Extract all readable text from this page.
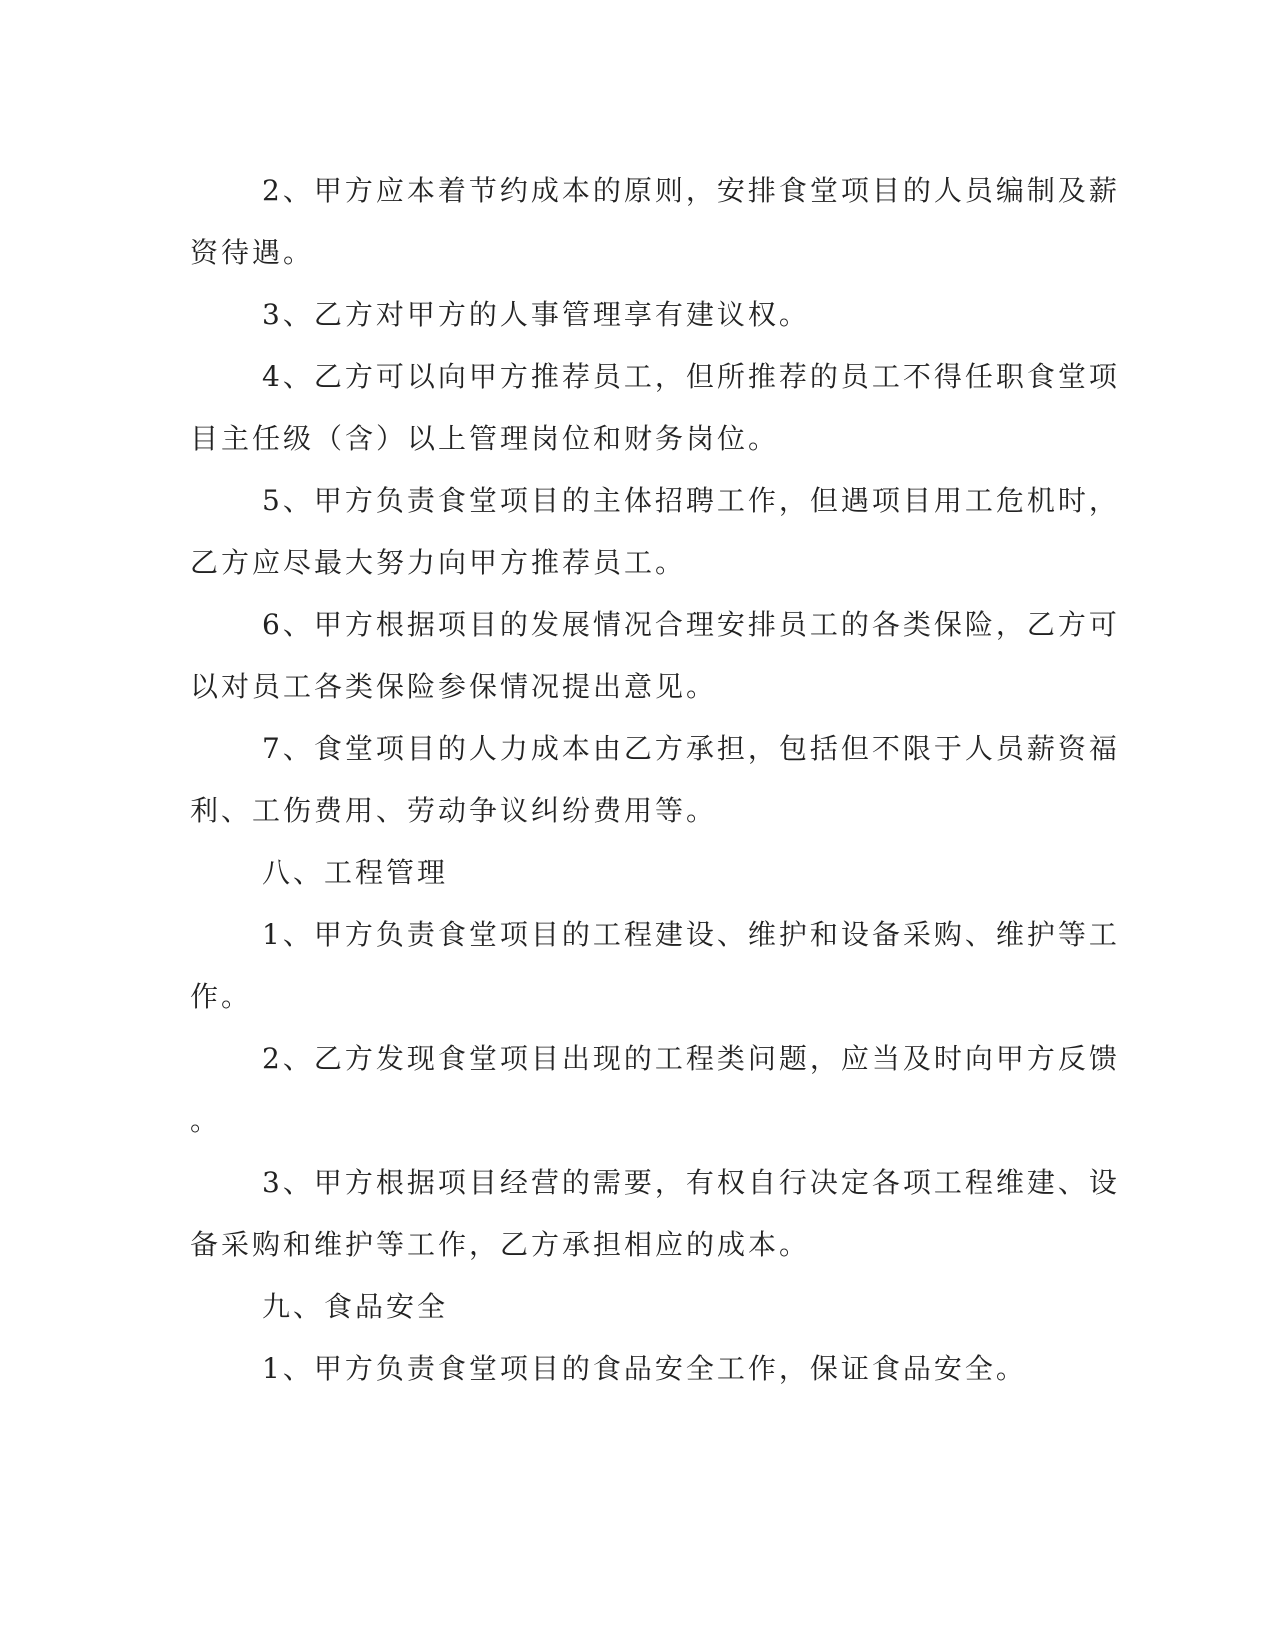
2、甲方应本着节约成本的原则，安排食堂项目的人员编制及薪
资待遇。
3、乙方对甲方的人事管理享有建议权。
4、乙方可以向甲方推荐员工，但所推荐的员工不得任职食堂项
目主任级（含）以上管理岗位和财务岗位。
5、甲方负责食堂项目的主体招聘工作，但遇项目用工危机时，
乙方应尽最大努力向甲方推荐员工。
6、甲方根据项目的发展情况合理安排员工的各类保险，乙方可
以对员工各类保险参保情况提出意见。
7、食堂项目的人力成本由乙方承担，包括但不限于人员薪资福
利、工伤费用、劳动争议纠纷费用等。
八、工程管理
1、甲方负责食堂项目的工程建设、维护和设备采购、维护等工
作。
2、乙方发现食堂项目出现的工程类问题，应当及时向甲方反馈
。
3、甲方根据项目经营的需要，有权自行决定各项工程维建、设
备采购和维护等工作，乙方承担相应的成本。
九、食品安全
1、甲方负责食堂项目的食品安全工作，保证食品安全。
